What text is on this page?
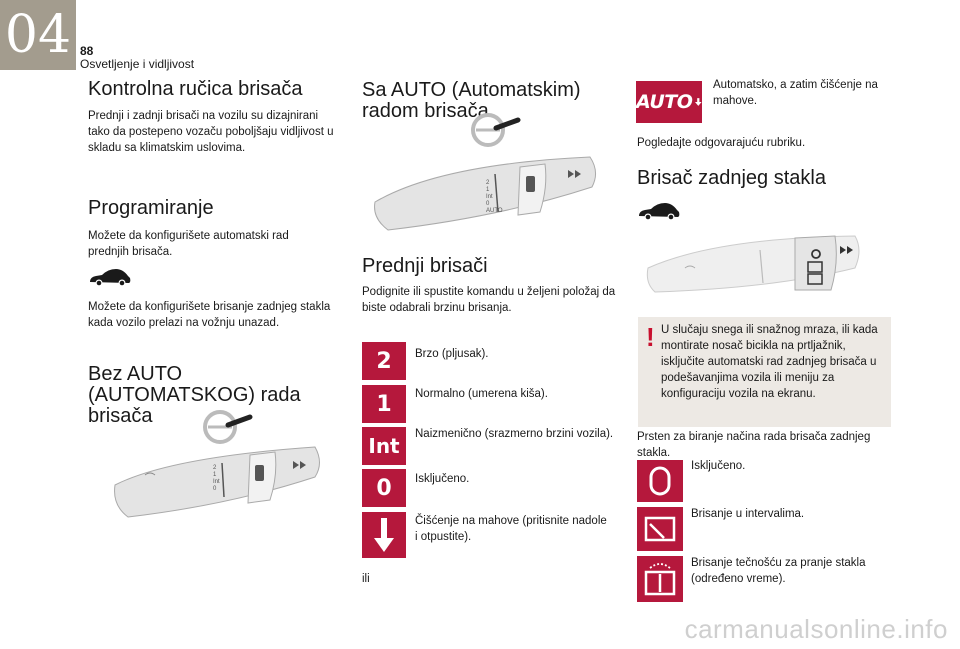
04 88
Osvetljenje i vidljivost
Kontrolna ručica brisača

Prednji i zadnji brisači na vozilu su dizajnirani tako da postepeno vozaču poboljšaju vidljivost u skladu sa klimatskim uslovima.

Programiranje

Možete da konfigurišete automatski rad prednjih brisača.

Možete da konfigurišete brisanje zadnjeg stakla kada vozilo prelazi na vožnju unazad.

Bez AUTO (AUTOMATSKOG) rada brisača
2
1
Int
0
Sa AUTO (Automatskim) radom brisača
2
1
Int
0
AUTO
Prednji brisači

Podignite ili spustite komandu u željeni položaj da biste odabrali brzinu brisanja.

2	Brzo (pljusak).

1	Normalno (umerena kiša).

Int	Naizmenično (srazmerno brzini vozila).

0	Isključeno.

Čišćenje na mahove (pritisnite nadole i otpustite).

ili

AUTO

Automatsko, a zatim čišćenje na mahove.

Pogledajte odgovarajuću rubriku.

Brisač zadnjeg stakla
! U slučaju snega ili snažnog mraza, ili kada montirate nosač bicikla na prtljažnik, isključite automatski rad zadnjeg brisača u podešavanjima vozila ili meniju za konfiguraciju vozila na ekranu.

Prsten za biranje načina rada brisača zadnjeg stakla.

Isključeno.

Brisanje u intervalima.

Brisanje tečnošću za pranje stakla (određeno vreme).

carmanualsonline.info
